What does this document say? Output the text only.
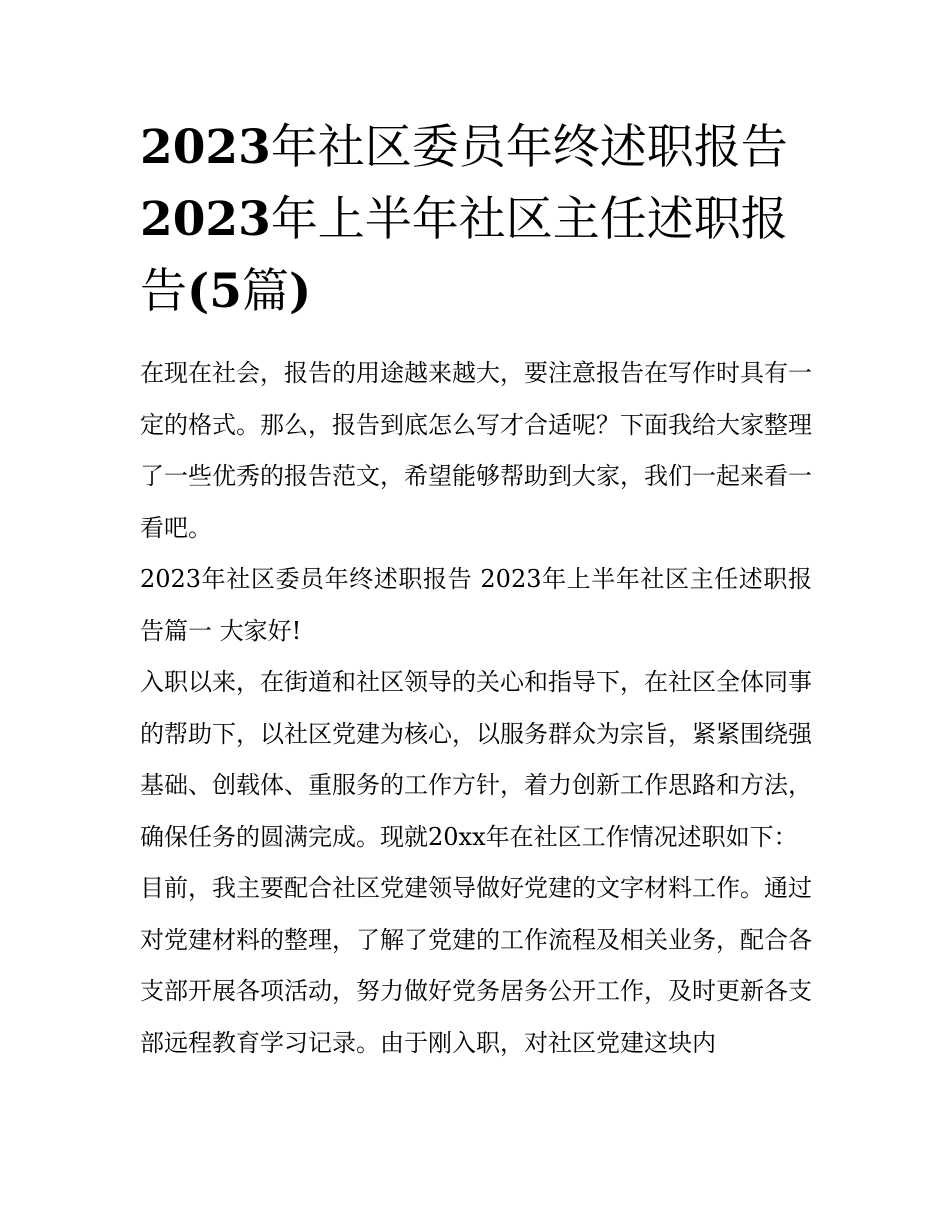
2023年社区委员年终述职报告
2023年上半年社区主任述职报
告(5篇)

在现在社会，报告的用途越来越大，要注意报告在写作时具有一定的格式。那么，报告到底怎么写才合适呢？下面我给大家整理了一些优秀的报告范文，希望能够帮助到大家，我们一起来看一看吧。

2023年社区委员年终述职报告 2023年上半年社区主任述职报告篇一 大家好!

入职以来，在街道和社区领导的关心和指导下，在社区全体同事的帮助下，以社区党建为核心，以服务群众为宗旨，紧紧围绕强基础、创载体、重服务的工作方针，着力创新工作思路和方法，确保任务的圆满完成。现就20xx年在社区工作情况述职如下：

目前，我主要配合社区党建领导做好党建的文字材料工作。通过对党建材料的整理，了解了党建的工作流程及相关业务，配合各支部开展各项活动，努力做好党务居务公开工作，及时更新各支部远程教育学习记录。由于刚入职，对社区党建这块内
